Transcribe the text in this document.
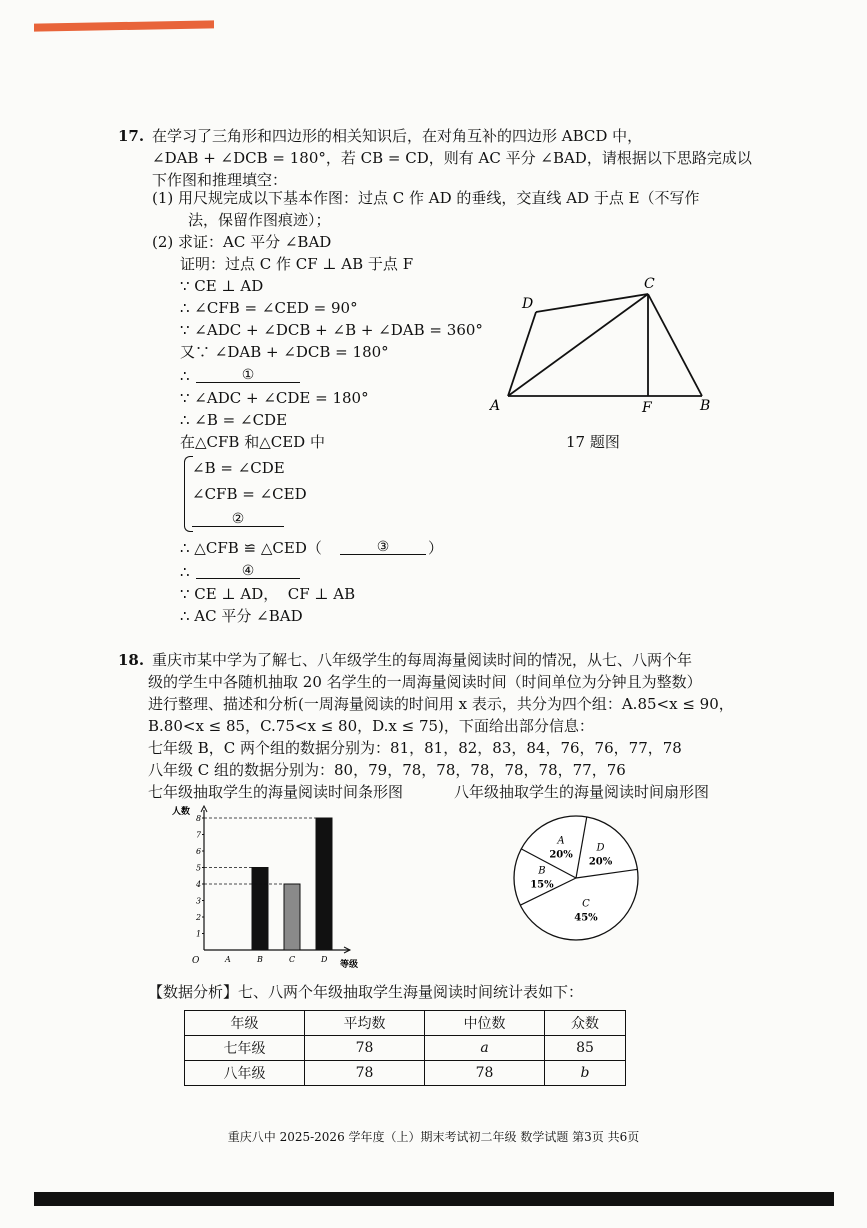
17. 在学习了三角形和四边形的相关知识后，在对角互补的四边形 ABCD 中，
∠DAB + ∠DCB = 180°，若 CB = CD，则有 AC 平分 ∠BAD，请根据以下思路完成以
下作图和推理填空：
(1) 用尺规完成以下基本作图：过点 C 作 AD 的垂线，交直线 AD 于点 E（不写作
法，保留作图痕迹）；
(2) 求证：AC 平分 ∠BAD
证明：过点 C 作 CF ⊥ AB 于点 F
∵ CE ⊥ AD
∴ ∠CFB = ∠CED = 90°
∵ ∠ADC + ∠DCB + ∠B + ∠DAB = 360°
又∵ ∠DAB + ∠DCB = 180°
∴	①
∵ ∠ADC + ∠CDE = 180°
∴ ∠B = ∠CDE
在△CFB 和△CED 中
∠B = ∠CDE
∠CFB = ∠CED
②
∴ △CFB ≌ △CED（	③	）
∴	④
∵ CE ⊥ AD，  CF ⊥ AB
∴ AC 平分 ∠BAD
D
C
A	F	B
17 题图
18. 重庆市某中学为了解七、八年级学生的每周海量阅读时间的情况，从七、八两个年
级的学生中各随机抽取 20 名学生的一周海量阅读时间（时间单位为分钟且为整数）
进行整理、描述和分析(一周海量阅读的时间用 x 表示，共分为四个组：A.85<x ≤ 90，
B.80<x ≤ 85，C.75<x ≤ 80，D.x ≤ 75)，下面给出部分信息：
七年级 B，C 两个组的数据分别为：81，81，82，83，84，76，76，77，78
八年级 C 组的数据分别为：80，79，78，78，78，78，78，77，76
七年级抽取学生的海量阅读时间条形图	八年级抽取学生的海量阅读时间扇形图
人数
等级
O
1
2
3
4
5
6
7
8
A	B	C	D
A
20%
D
20%
C
45%
B
15%
【数据分析】七、八两个年级抽取学生海量阅读时间统计表如下：
年级	平均数	中位数	众数
七年级	78	a	85
八年级	78	78	b
重庆八中 2025-2026 学年度（上）期末考试初二年级 数学试题 第3页 共6页
